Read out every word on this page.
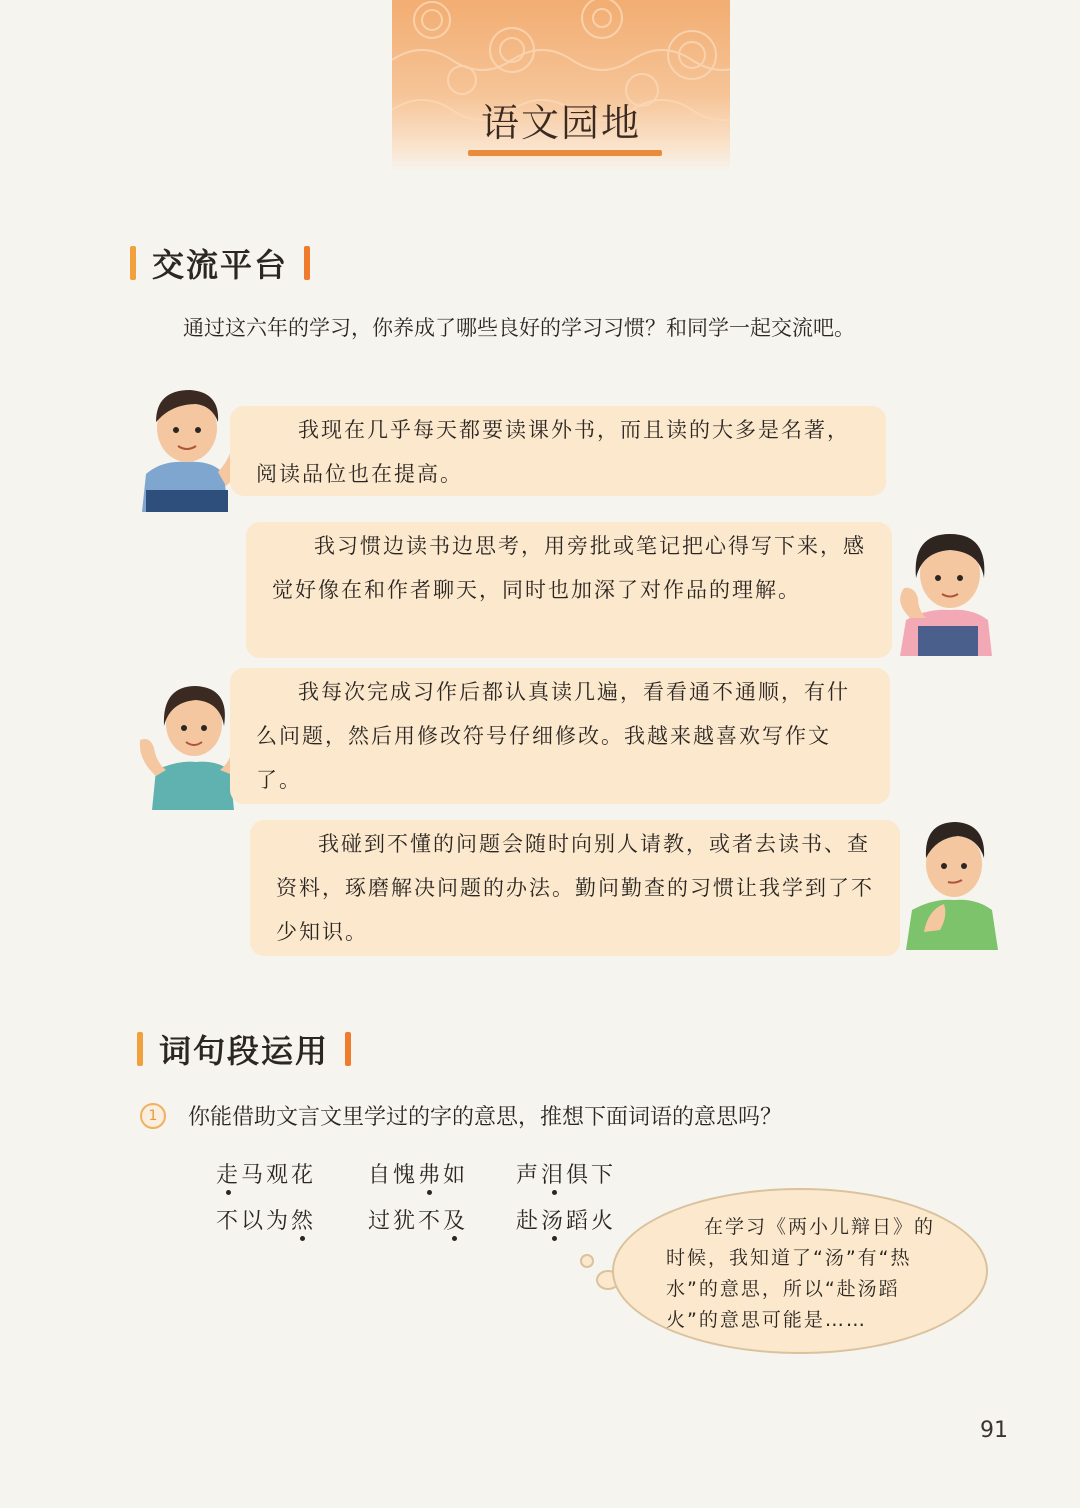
语文园地
交流平台
通过这六年的学习，你养成了哪些良好的学习习惯？和同学一起交流吧。

我现在几乎每天都要读课外书，而且读的大多是名著，阅读品位也在提高。

我习惯边读书边思考，用旁批或笔记把心得写下来，感觉好像在和作者聊天，同时也加深了对作品的理解。

我每次完成习作后都认真读几遍，看看通不通顺，有什么问题，然后用修改符号仔细修改。我越来越喜欢写作文了。

我碰到不懂的问题会随时向别人请教，或者去读书、查资料，琢磨解决问题的办法。勤问勤查的习惯让我学到了不少知识。

词句段运用
1	你能借助文言文里学过的字的意思，推想下面词语的意思吗？
走马观花 自愧弗如 声泪俱下
不以为然 过犹不及 赴汤蹈火	在学习《两小儿辩日》的时候，我知道了“汤”有“热水”的意思，所以“赴汤蹈火”的意思可能是……

91
